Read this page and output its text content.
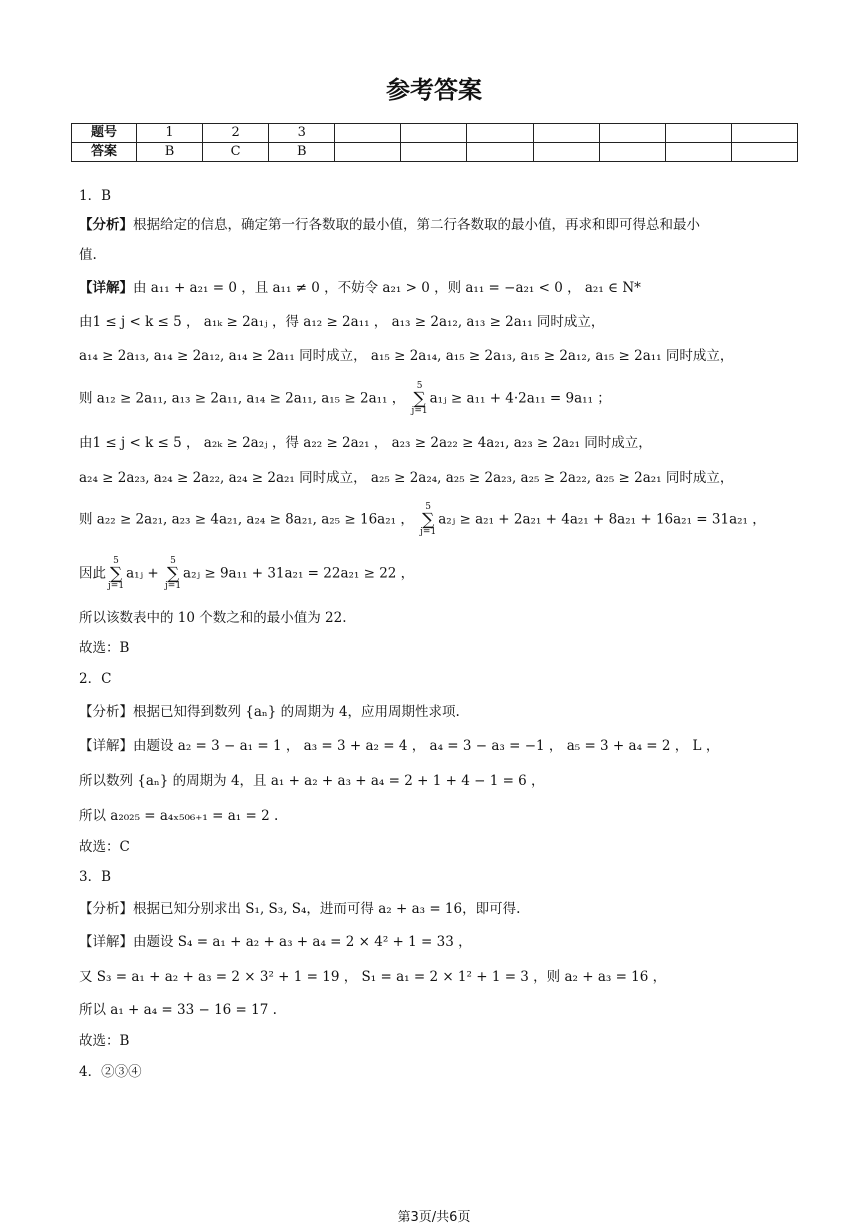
参考答案
题号	1	2	3							
答案	B	C	B							
1．B
【分析】根据给定的信息，确定第一行各数取的最小值，第二行各数取的最小值，再求和即可得总和最小
值.
【详解】由 a₁₁ + a₂₁ = 0 ，且 a₁₁ ≠ 0 ，不妨令 a₂₁ > 0 ，则 a₁₁ = −a₂₁ < 0 ， a₂₁ ∈ N*
由1 ≤ j < k ≤ 5 ， a₁ₖ ≥ 2a₁ⱼ ，得 a₁₂ ≥ 2a₁₁ ， a₁₃ ≥ 2a₁₂, a₁₃ ≥ 2a₁₁ 同时成立，
a₁₄ ≥ 2a₁₃, a₁₄ ≥ 2a₁₂, a₁₄ ≥ 2a₁₁ 同时成立， a₁₅ ≥ 2a₁₄, a₁₅ ≥ 2a₁₃, a₁₅ ≥ 2a₁₂, a₁₅ ≥ 2a₁₁ 同时成立，
则 a₁₂ ≥ 2a₁₁, a₁₃ ≥ 2a₁₁, a₁₄ ≥ 2a₁₁, a₁₅ ≥ 2a₁₁ ， 5
∑
j=1a₁ⱼ ≥ a₁₁ + 4·2a₁₁ = 9a₁₁ ；
由1 ≤ j < k ≤ 5 ， a₂ₖ ≥ 2a₂ⱼ ，得 a₂₂ ≥ 2a₂₁ ， a₂₃ ≥ 2a₂₂ ≥ 4a₂₁, a₂₃ ≥ 2a₂₁ 同时成立，
a₂₄ ≥ 2a₂₃, a₂₄ ≥ 2a₂₂, a₂₄ ≥ 2a₂₁ 同时成立， a₂₅ ≥ 2a₂₄, a₂₅ ≥ 2a₂₃, a₂₅ ≥ 2a₂₂, a₂₅ ≥ 2a₂₁ 同时成立，
则 a₂₂ ≥ 2a₂₁, a₂₃ ≥ 4a₂₁, a₂₄ ≥ 8a₂₁, a₂₅ ≥ 16a₂₁ ， 5
∑
j=1a₂ⱼ ≥ a₂₁ + 2a₂₁ + 4a₂₁ + 8a₂₁ + 16a₂₁ = 31a₂₁ ，
因此5
∑
j=1a₁ⱼ + 5
∑
j=1a₂ⱼ ≥ 9a₁₁ + 31a₂₁ = 22a₂₁ ≥ 22 ，
所以该数表中的 10 个数之和的最小值为 22.
故选：B
2．C
【分析】根据已知得到数列 {aₙ} 的周期为 4，应用周期性求项.
【详解】由题设 a₂ = 3 − a₁ = 1 ， a₃ = 3 + a₂ = 4 ， a₄ = 3 − a₃ = −1 ， a₅ = 3 + a₄ = 2 ， L ，
所以数列 {aₙ} 的周期为 4，且 a₁ + a₂ + a₃ + a₄ = 2 + 1 + 4 − 1 = 6 ，
所以 a₂₀₂₅ = a₄ₓ₅₀₆₊₁ = a₁ = 2 .
故选：C
3．B
【分析】根据已知分别求出 S₁, S₃, S₄，进而可得 a₂ + a₃ = 16，即可得.
【详解】由题设 S₄ = a₁ + a₂ + a₃ + a₄ = 2 × 4² + 1 = 33 ，
又 S₃ = a₁ + a₂ + a₃ = 2 × 3² + 1 = 19 ， S₁ = a₁ = 2 × 1² + 1 = 3 ，则 a₂ + a₃ = 16 ，
所以 a₁ + a₄ = 33 − 16 = 17 .
故选：B
4．②③④
第3页/共6页
